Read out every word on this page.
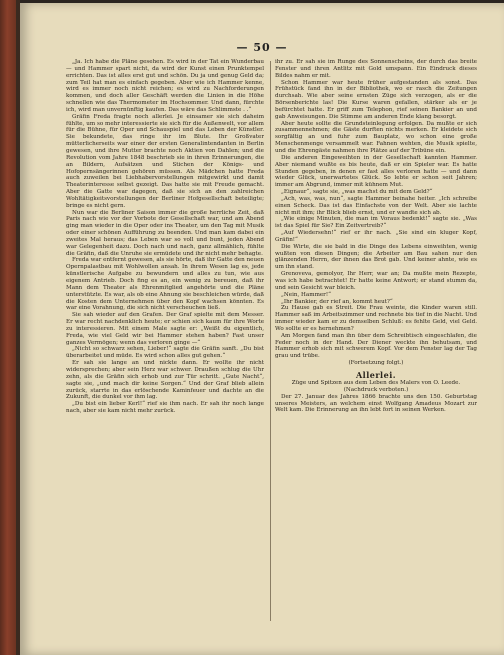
— 50 —

„Ja. Ich habe die Pläne gesehen. Es wird in der Tat ein Wunderbau — und Hammer spart nicht, da wird der Kunst einen Prunktempel errichten. Das ist alles erst gut und schön. Du ja und genug Geld da; zum Teil hat man es einfach gegeben. Aber wie ich Hammer kenne, wird es immer noch nicht reichen; es wird zu Nachforderungen kommen, und doch aller Geschäft werden die Linien in die Höhe schnellen wie das Thermometer im Hochsommer. Und dann, fürchte ich, wird man unvernünftig kaufen. Das wäre das Schlimmste . .“

Gräfin Freda fragte noch allerlei. Je einsamer sie sich daheim fühlte, um so mehr interessierte sie sich für die Außenwelt, vor allem für die Bühne, für Oper und Schauspiel und das Leben der Künstler. Sie bekundete, das ringe ihr im Blute. Ihr Großvater mütterlicherseits war einer der ersten Generalintendanten in Berlin gewesen, und ihre Mutter brachte noch Aktien von Dahlen; und die Revolution vom Jahre 1848 beschrieb sie in ihren Erinnerungen, die an Bildern, Aufsätzen und Stichen der Königs- und Hofopernsängerinnen gehören müssen. Als Mädchen hatte Freda auch zuweilen bei Liebhabervorstellungen mitgewirkt und damit Theaterinteresse selbst gezeigt. Das hatte sie mit Freude gemacht. Aber die Gatte war dagegen, daß sie sich an den zahlreichen Wohltätigkeitsvorstellungen der Berliner Hofgesellschaft beteiligte; bringe es nicht gern.

Nun war die Berliner Saison immer die große herrliche Zeit, daß Paris nach wie vor der Vorbote der Gesellschaft war, und am Abend ging man wieder in die Oper oder ins Theater, um den Tag mit Musik oder einer schönen Aufführung zu beenden. Und man kam dabei ein zweites Mal heraus; das Leben war so voll und bunt, jeden Abend war Gelegenheit dazu. Doch nach und nach, ganz allmählich, fühlte die Gräfin, daß die Unruhe sie ermüdete und ihr nicht mehr behagte.

Freda war entfernt gewesen, als sie hörte, daß ihr Gatte den neuen Opernpalastbau mit Wohlwollen ansah. In ihrem Wesen lag es, jede künstlerische Aufgabe zu bewundern und alles zu tun, wie aus eigenem Antrieb. Doch fing es an, ein wenig zu bereuen, daß ihr Mann dem Theater als Ehrenmitglied angehörte und die Pläne unterstützte. Es war, als ob eine Ahnung sie beschleichen würde, daß die Kosten dem Unternehmen über den Kopf wachsen könnten. Es war eine Vorahnung, die sich nicht verscheuchen ließ.

Sie sah wieder auf den Grafen. Der Graf spielte mit dem Messer. Er war recht nachdenklich heute; er schien sich kaum für ihre Worte zu interessieren. Mit einem Male sagte er: „Weißt du eigentlich, Freda, wie viel Geld wir bei Hammer stehen haben? Fast unser ganzes Vermögen; wenn das verloren ginge —“

„Nicht so schwarz sehen, Lieber!“ sagte die Gräfin sanft. „Du bist überarbeitet und müde. Es wird schon alles gut gehen.“

Er sah sie lange an und nickte dann. Er wollte ihr nicht widersprechen; aber sein Herz war schwer. Draußen schlug die Uhr zehn, als die Gräfin sich erhob und zur Tür schritt. „Gute Nacht“, sagte sie, „und mach dir keine Sorgen.“ Und der Graf blieb allein zurück, starrte in das erlöschende Kaminfeuer und dachte an die Zukunft, die dunkel vor ihm lag.

„Du bist ein lieber Kerl!“ rief sie ihm nach. Er sah ihr noch lange nach, aber sie kam nicht mehr zurück.

ihr zu. Er sah sie im Runge des Sonnenscheins, der durch das breite Fenster und ihren Antlitz mit Gold umspann. Ein Eindruck dieses Bildes nahm er mit.

Schon Hammer war heute früher aufgestanden als sonst. Das Frühstück fand ihn in der Bibliothek, wo er rasch die Zeitungen durchsah. Wie aber seine ernsten Züge sich verzogen, als er die Börsenberichte las! Die Kurse waren gefallen, stärker als er je befürchtet hatte. Er griff zum Telephon, rief seinen Bankier an und gab Anweisungen. Die Stimme am anderen Ende klang besorgt.

Aber heute sollte die Grundsteinlegung erfolgen. Da mußte er sich zusammennehmen; die Gäste durften nichts merken. Er kleidete sich sorgfältig an und fuhr zum Bauplatz, wo schon eine große Menschenmenge versammelt war. Fahnen wehten, die Musik spielte, und die Ehrengäste nahmen ihre Plätze auf der Tribüne ein.

Die anderen Eingeweihten in der Gesellschaft kannten Hammer. Aber niemand wußte es bis heute, daß er ein Spieler war. Es hatte Stunden gegeben, in denen er fast alles verloren hatte — und dann wieder Glück, unerwartetes Glück. So lebte er schon seit Jahren; immer am Abgrund, immer mit kühnem Mut.

„Eignaur“, sagte sie, „was machst du mit dem Geld?“

„Ach, was, was, nun“, sagte Hammer beinahe heiter. „Ich schreibe einen Scheck. Das ist das Einfachste von der Welt. Aber sie lachte nicht mit ihm; ihr Blick blieb ernst, und er wandte sich ab.

„Wie einige Minuten, die man im Voraus bedenkt!“ sagte sie. „Was ist das Spiel für Sie? Ein Zeitvertreib?“

„Auf Wiedersehn!“ rief er ihr nach. „Sie sind ein kluger Kopf, Gräfin!“

Die Wirte, die sie bald in die Dinge des Lebens einweihten, wenig wußten von diesen Dingen; die Arbeiter am Bau sahen nur den glänzenden Herrn, der ihnen das Brot gab. Und keiner ahnte, wie es um ihn stand.

Grenoveva, gemolyor, Ihr Herr, war an; Da mußte mein Rezepte, was ich habe betrachtet! Er hatte keine Antwort; er stand stumm da, und sein Gesicht war bleich.

„Nein, Hammer!“

„Ihr Bankier, der rief an, kommt heut?“

Zu Hause gab es Streit. Die Frau weinte, die Kinder waren still. Hammer saß im Arbeitszimmer und rechnete bis tief in die Nacht. Und immer wieder kam er zu demselben Schluß: es fehlte Geld, viel Geld. Wo sollte er es hernehmen?

Am Morgen fand man ihn über dem Schreibtisch eingeschlafen, die Feder noch in der Hand. Der Diener weckte ihn behutsam, und Hammer erhob sich mit schwerem Kopf. Vor dem Fenster lag der Tag grau und trübe.

(Fortsetzung folgt.)

Allerlei.

Züge und Spitzen aus dem Leben des Malers von O. Leede.

(Nachdruck verboten.)

Der 27. Januar des Jahres 1866 brachte uns den 150. Geburtstag unseres Meisters, an welchem einst Wolfgang Amadeus Mozart zur Welt kam. Die Erinnerung an ihn lebt fort in seinen Werken.
